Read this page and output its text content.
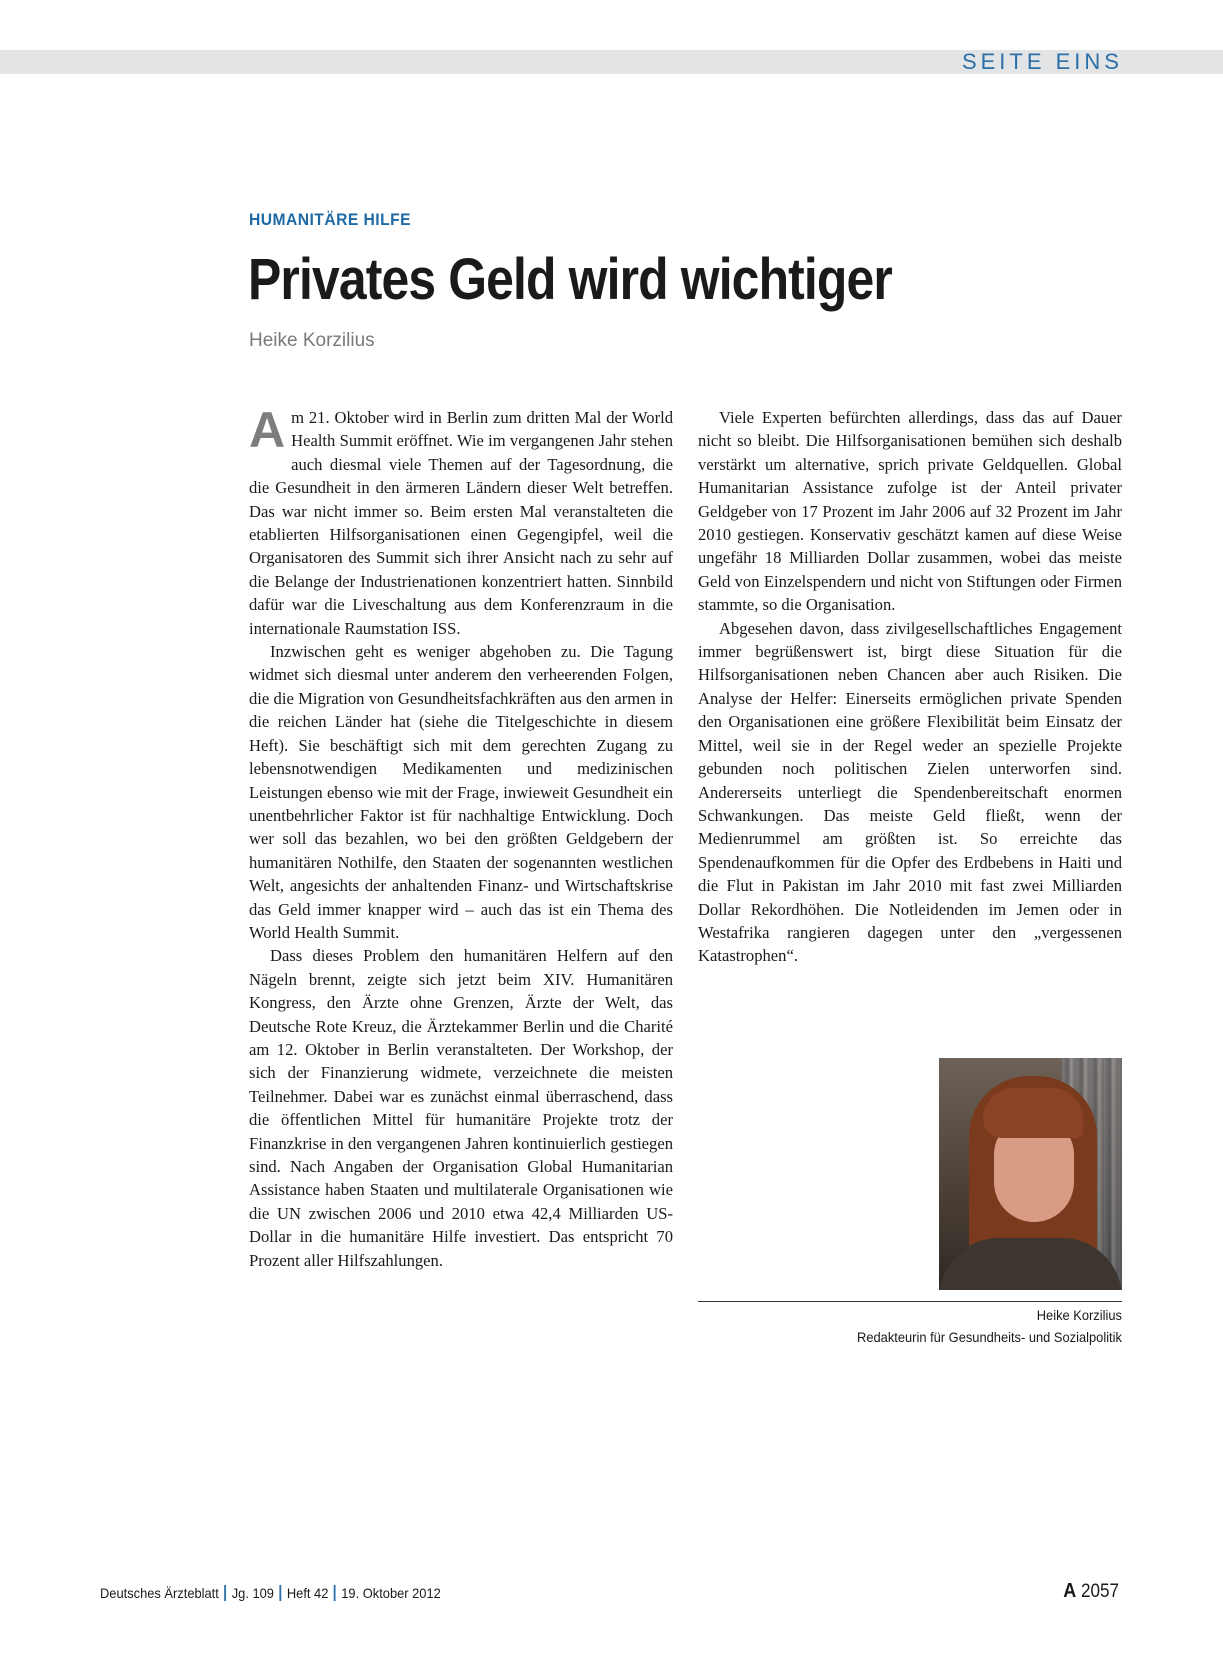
SEITE EINS
HUMANITÄRE HILFE
Privates Geld wird wichtiger
Heike Korzilius

Am 21. Oktober wird in Berlin zum dritten Mal der World Health Summit eröffnet. Wie im vergangenen Jahr stehen auch diesmal viele Themen auf der Tagesordnung, die die Gesundheit in den ärmeren Ländern dieser Welt betreffen. Das war nicht immer so. Beim ersten Mal veranstalteten die etablierten Hilfsorganisationen einen Gegengipfel, weil die Organisatoren des Summit sich ihrer Ansicht nach zu sehr auf die Belange der Industrienationen konzentriert hatten. Sinnbild dafür war die Liveschaltung aus dem Konferenzraum in die internationale Raumstation ISS.

Inzwischen geht es weniger abgehoben zu. Die Tagung widmet sich diesmal unter anderem den verheerenden Folgen, die die Migration von Gesundheitsfachkräften aus den armen in die reichen Länder hat (siehe die Titelgeschichte in diesem Heft). Sie beschäftigt sich mit dem gerechten Zugang zu lebensnotwendigen Medikamenten und medizinischen Leistungen ebenso wie mit der Frage, inwieweit Gesundheit ein unentbehrlicher Faktor ist für nachhaltige Entwicklung. Doch wer soll das bezahlen, wo bei den größten Geldgebern der humanitären Nothilfe, den Staaten der sogenannten westlichen Welt, angesichts der anhaltenden Finanz- und Wirtschaftskrise das Geld immer knapper wird – auch das ist ein Thema des World Health Summit.

Dass dieses Problem den humanitären Helfern auf den Nägeln brennt, zeigte sich jetzt beim XIV. Humanitären Kongress, den Ärzte ohne Grenzen, Ärzte der Welt, das Deutsche Rote Kreuz, die Ärztekammer Berlin und die Charité am 12. Oktober in Berlin veranstalteten. Der Workshop, der sich der Finanzierung widmete, verzeichnete die meisten Teilnehmer. Dabei war es zunächst einmal überraschend, dass die öffentlichen Mittel für humanitäre Projekte trotz der Finanzkrise in den vergangenen Jahren kontinuierlich gestiegen sind. Nach Angaben der Organisation Global Humanitarian Assistance haben Staaten und multilaterale Organisationen wie die UN zwischen 2006 und 2010 etwa 42,4 Milliarden US-Dollar in die humanitäre Hilfe investiert. Das entspricht 70 Prozent aller Hilfszahlungen.

Viele Experten befürchten allerdings, dass das auf Dauer nicht so bleibt. Die Hilfsorganisationen bemühen sich deshalb verstärkt um alternative, sprich private Geldquellen. Global Humanitarian Assistance zufolge ist der Anteil privater Geldgeber von 17 Prozent im Jahr 2006 auf 32 Prozent im Jahr 2010 gestiegen. Konservativ geschätzt kamen auf diese Weise ungefähr 18 Milliarden Dollar zusammen, wobei das meiste Geld von Einzelspendern und nicht von Stiftungen oder Firmen stammte, so die Organisation.

Abgesehen davon, dass zivilgesellschaftliches Engagement immer begrüßenswert ist, birgt diese Situation für die Hilfsorganisationen neben Chancen aber auch Risiken. Die Analyse der Helfer: Einerseits ermöglichen private Spenden den Organisationen eine größere Flexibilität beim Einsatz der Mittel, weil sie in der Regel weder an spezielle Projekte gebunden noch politischen Zielen unterworfen sind. Andererseits unterliegt die Spendenbereitschaft enormen Schwankungen. Das meiste Geld fließt, wenn der Medienrummel am größten ist. So erreichte das Spendenaufkommen für die Opfer des Erdbebens in Haiti und die Flut in Pakistan im Jahr 2010 mit fast zwei Milliarden Dollar Rekordhöhen. Die Notleidenden im Jemen oder in Westafrika rangieren dagegen unter den „vergessenen Katastrophen“.

Heike Korzilius
Redakteurin für Gesundheits- und Sozialpolitik
Deutsches Ärzteblatt Jg. 109 Heft 42 19. Oktober 2012	A 2057
